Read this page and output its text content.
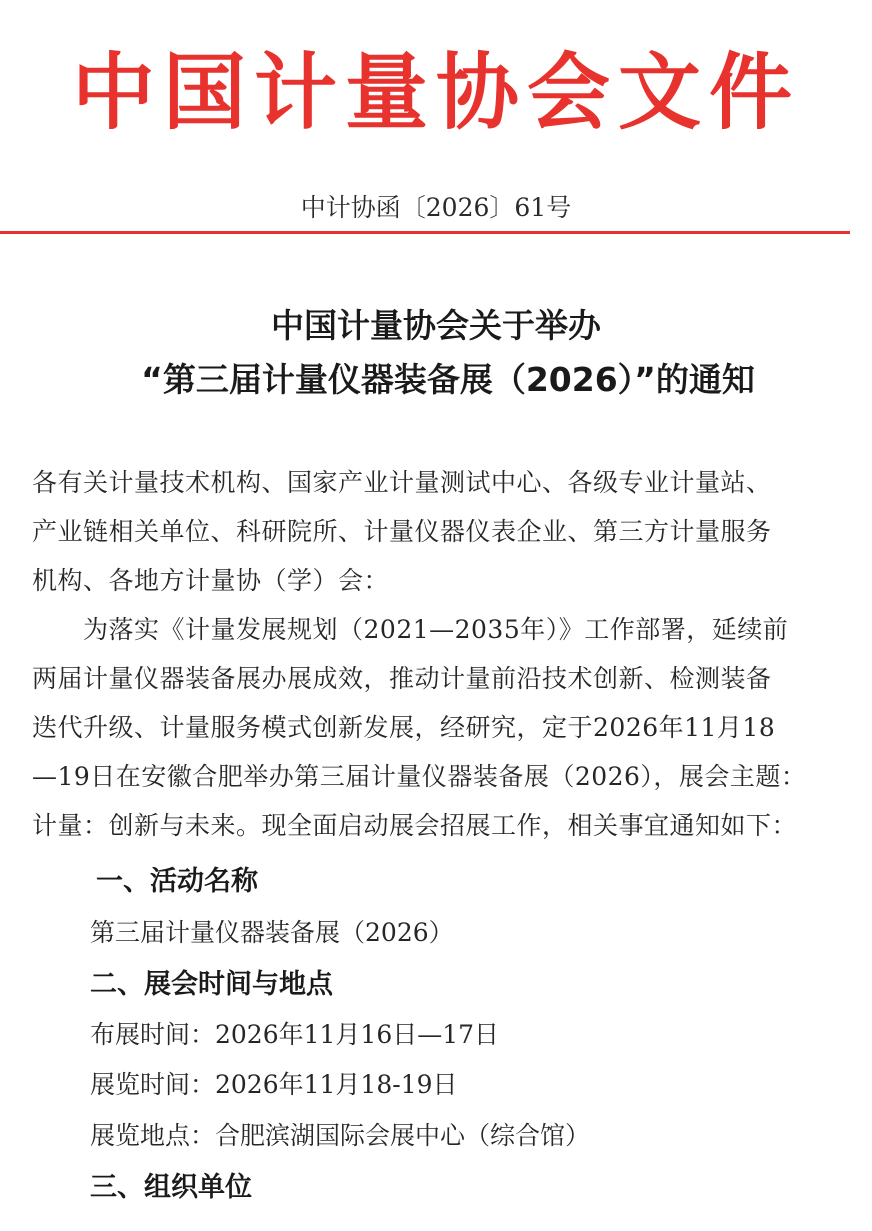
中国计量协会文件
中计协函〔2026〕61号
中国计量协会关于举办
“第三届计量仪器装备展（2026）”的通知
各有关计量技术机构、国家产业计量测试中心、各级专业计量站、
产业链相关单位、科研院所、计量仪器仪表企业、第三方计量服务
机构、各地方计量协（学）会：
　　为落实《计量发展规划（2021—2035年）》工作部署，延续前
两届计量仪器装备展办展成效，推动计量前沿技术创新、检测装备
迭代升级、计量服务模式创新发展，经研究，定于2026年11月18
—19日在安徽合肥举办第三届计量仪器装备展（2026），展会主题：
计量：创新与未来。现全面启动展会招展工作，相关事宜通知如下：
一、活动名称
第三届计量仪器装备展（2026）
二、展会时间与地点
布展时间：2026年11月16日—17日
展览时间：2026年11月18-19日
展览地点：合肥滨湖国际会展中心（综合馆）
三、组织单位
